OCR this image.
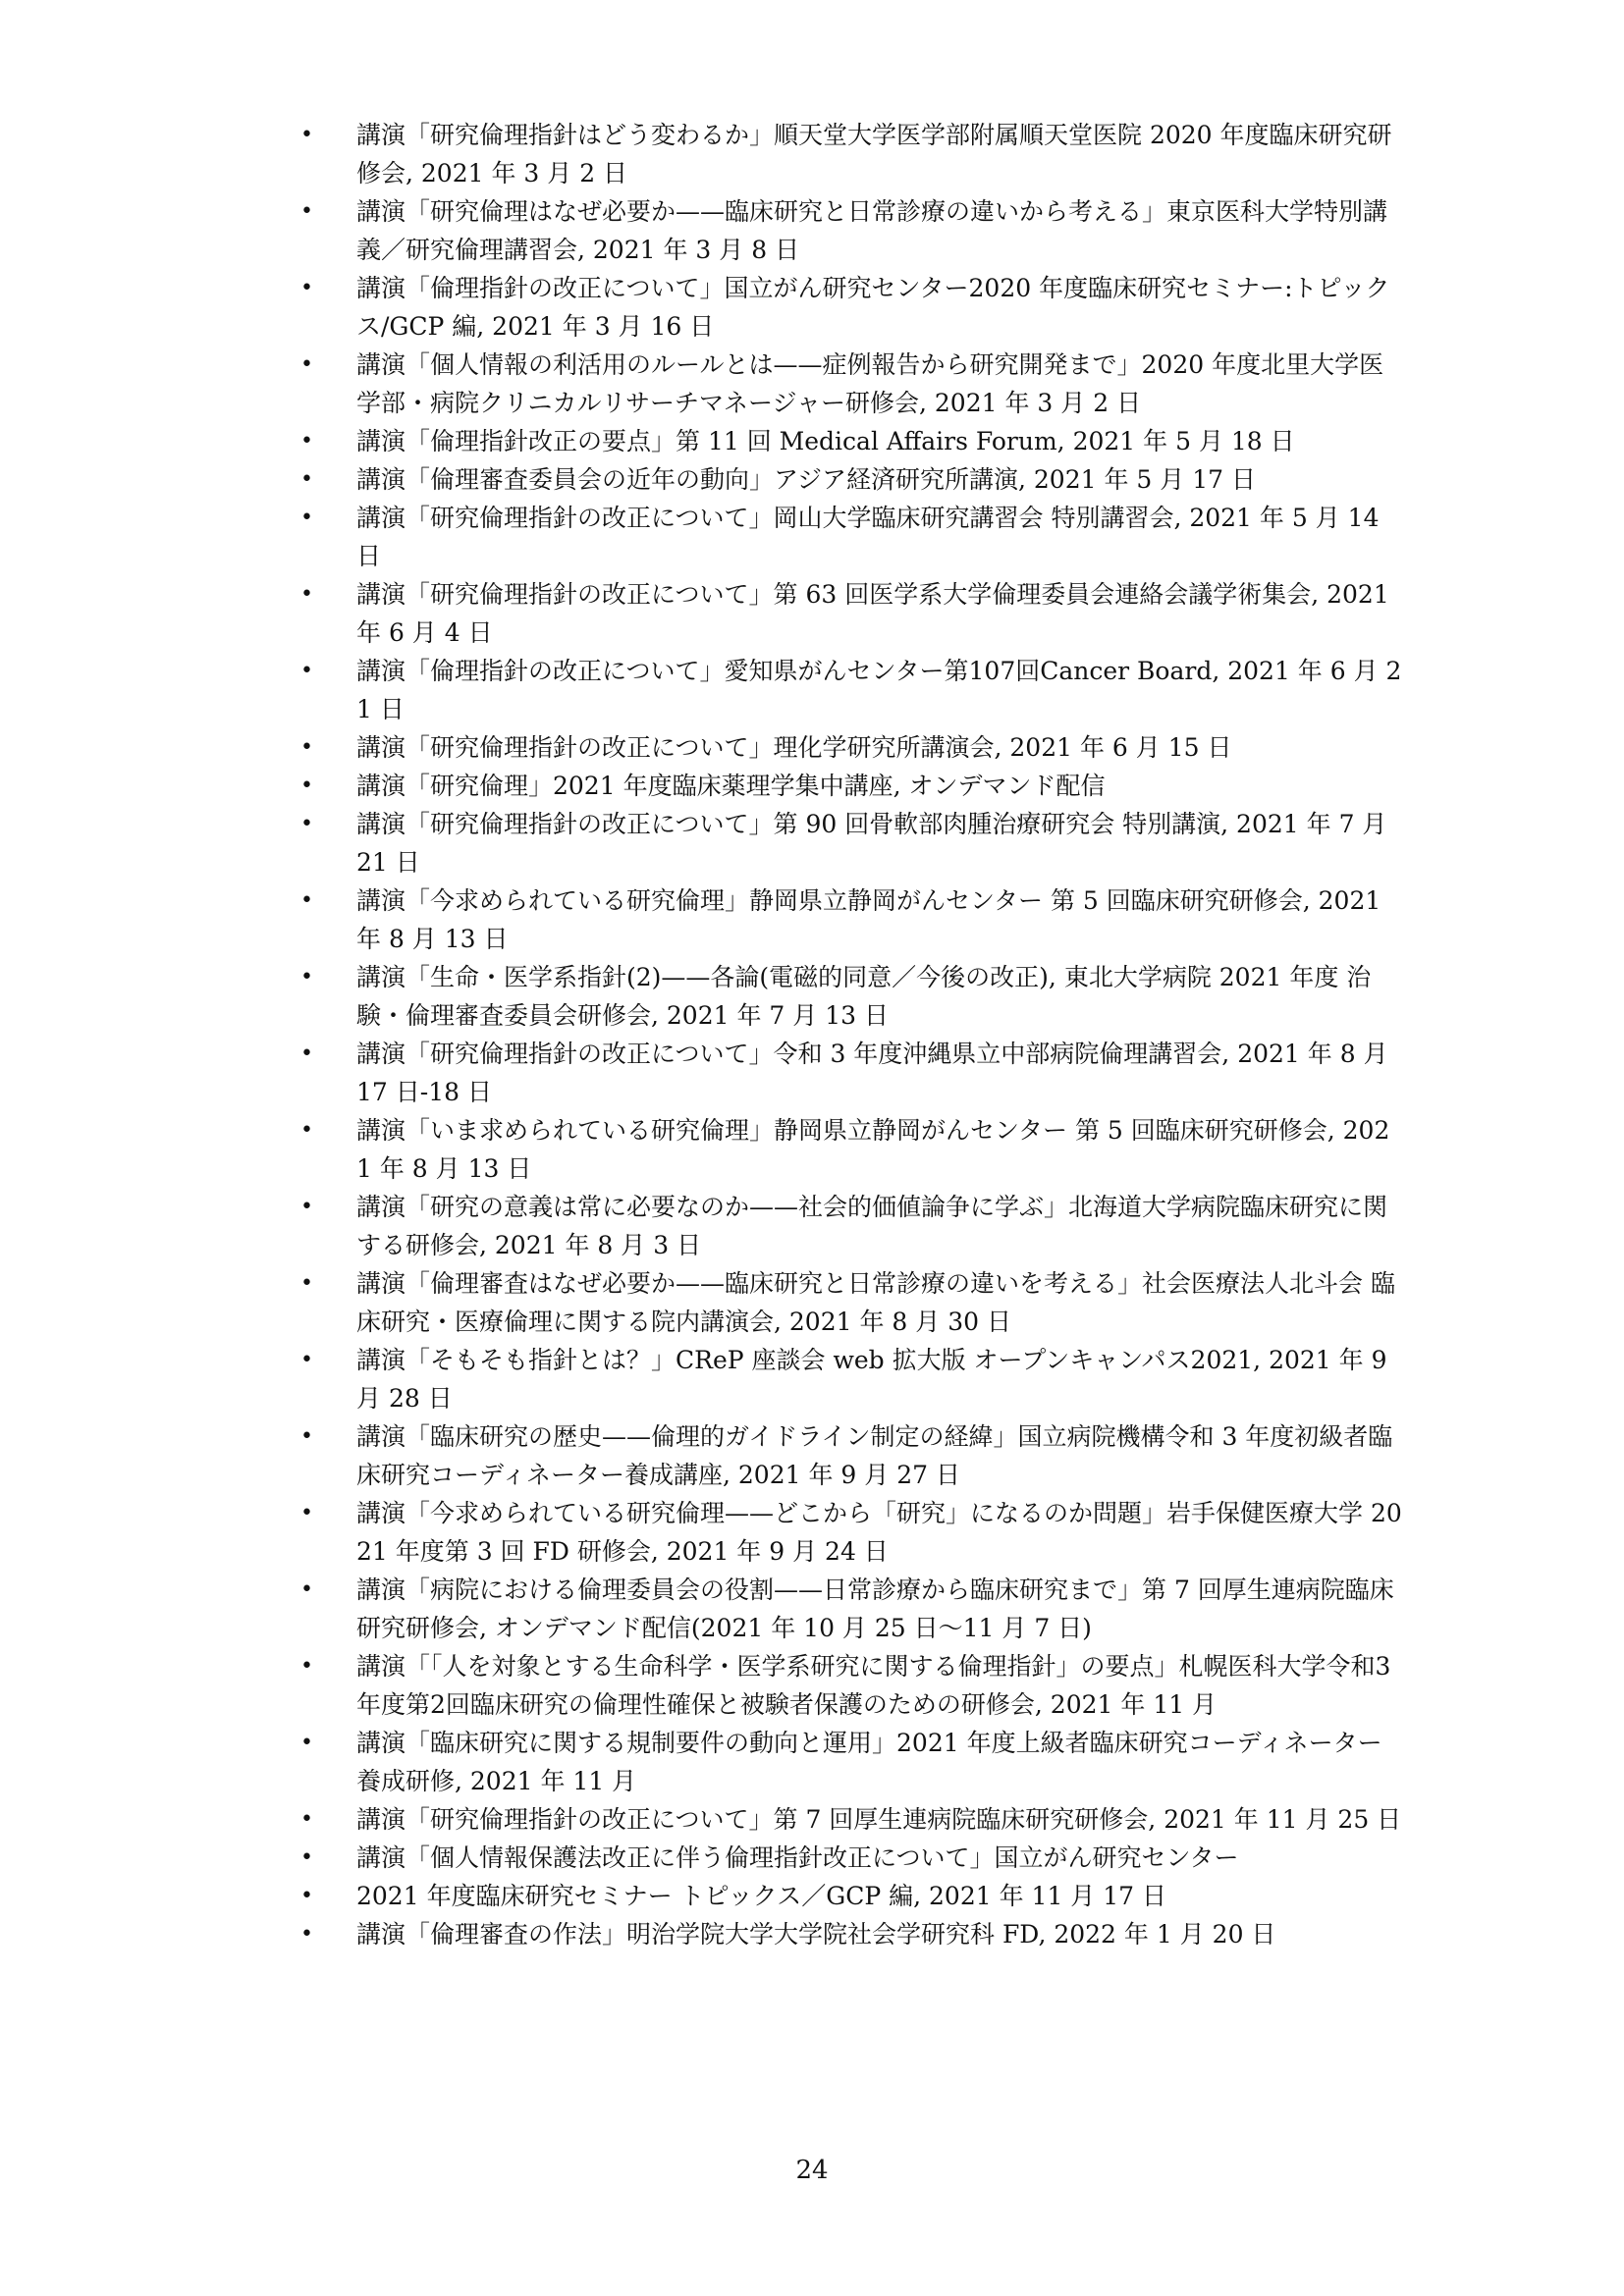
• 講演「研究倫理指針はどう変わるか」順天堂大学医学部附属順天堂医院 2020 年度臨床研究研修会, 2021 年 3 月 2 日
• 講演「研究倫理はなぜ必要か——臨床研究と日常診療の違いから考える」東京医科大学特別講義／研究倫理講習会, 2021 年 3 月 8 日
• 講演「倫理指針の改正について」国立がん研究センター2020 年度臨床研究セミナー:トピックス/GCP 編, 2021 年 3 月 16 日
• 講演「個人情報の利活用のルールとは——症例報告から研究開発まで」2020 年度北里大学医学部・病院クリニカルリサーチマネージャー研修会, 2021 年 3 月 2 日
• 講演「倫理指針改正の要点」第 11 回 Medical Affairs Forum, 2021 年 5 月 18 日
• 講演「倫理審査委員会の近年の動向」アジア経済研究所講演, 2021 年 5 月 17 日
• 講演「研究倫理指針の改正について」岡山大学臨床研究講習会 特別講習会, 2021 年 5 月 14 日
• 講演「研究倫理指針の改正について」第 63 回医学系大学倫理委員会連絡会議学術集会, 2021 年 6 月 4 日
• 講演「倫理指針の改正について」愛知県がんセンター第107回Cancer Board, 2021 年 6 月 21 日
• 講演「研究倫理指針の改正について」理化学研究所講演会, 2021 年 6 月 15 日
• 講演「研究倫理」2021 年度臨床薬理学集中講座, オンデマンド配信
• 講演「研究倫理指針の改正について」第 90 回骨軟部肉腫治療研究会 特別講演, 2021 年 7 月 21 日
• 講演「今求められている研究倫理」静岡県立静岡がんセンター 第 5 回臨床研究研修会, 2021 年 8 月 13 日
• 講演「生命・医学系指針(2)——各論(電磁的同意／今後の改正), 東北大学病院 2021 年度 治験・倫理審査委員会研修会, 2021 年 7 月 13 日
• 講演「研究倫理指針の改正について」令和 3 年度沖縄県立中部病院倫理講習会, 2021 年 8 月 17 日-18 日
• 講演「いま求められている研究倫理」静岡県立静岡がんセンター 第 5 回臨床研究研修会, 2021 年 8 月 13 日
• 講演「研究の意義は常に必要なのか——社会的価値論争に学ぶ」北海道大学病院臨床研究に関する研修会, 2021 年 8 月 3 日
• 講演「倫理審査はなぜ必要か——臨床研究と日常診療の違いを考える」社会医療法人北斗会 臨床研究・医療倫理に関する院内講演会, 2021 年 8 月 30 日
• 講演「そもそも指針とは？」CReP 座談会 web 拡大版 オープンキャンパス2021, 2021 年 9 月 28 日
• 講演「臨床研究の歴史——倫理的ガイドライン制定の経緯」国立病院機構令和 3 年度初級者臨床研究コーディネーター養成講座, 2021 年 9 月 27 日
• 講演「今求められている研究倫理——どこから「研究」になるのか問題」岩手保健医療大学 2021 年度第 3 回 FD 研修会, 2021 年 9 月 24 日
• 講演「病院における倫理委員会の役割——日常診療から臨床研究まで」第 7 回厚生連病院臨床研究研修会, オンデマンド配信(2021 年 10 月 25 日～11 月 7 日)
• 講演「「人を対象とする生命科学・医学系研究に関する倫理指針」の要点」札幌医科大学令和3年度第2回臨床研究の倫理性確保と被験者保護のための研修会, 2021 年 11 月
• 講演「臨床研究に関する規制要件の動向と運用」2021 年度上級者臨床研究コーディネーター養成研修, 2021 年 11 月
• 講演「研究倫理指針の改正について」第 7 回厚生連病院臨床研究研修会, 2021 年 11 月 25 日
• 講演「個人情報保護法改正に伴う倫理指針改正について」国立がん研究センター
• 2021 年度臨床研究セミナー トピックス／GCP 編, 2021 年 11 月 17 日
• 講演「倫理審査の作法」明治学院大学大学院社会学研究科 FD, 2022 年 1 月 20 日
24
